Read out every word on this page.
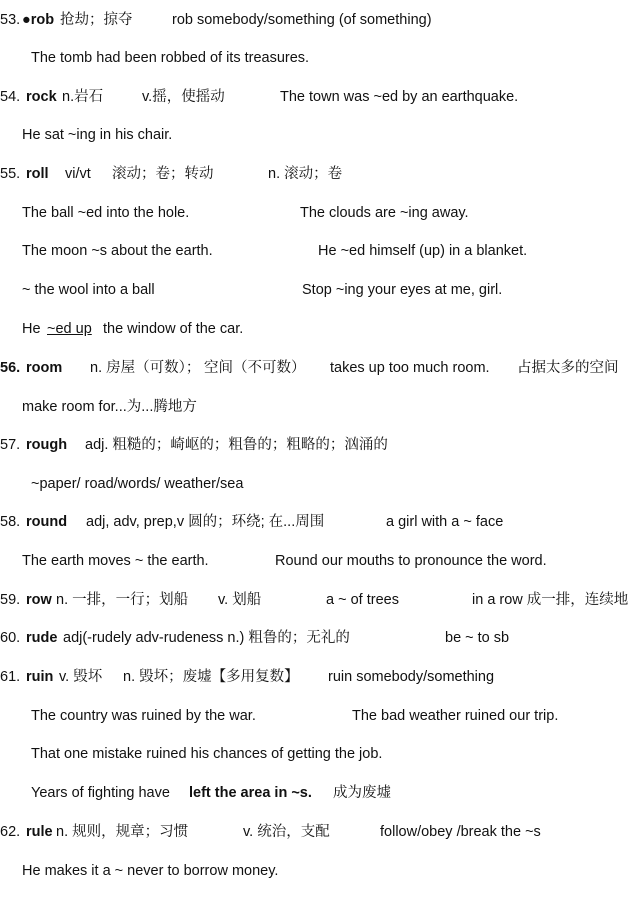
53. ●rob 抢劫；掠夺	rob somebody/something (of something)
The tomb had been robbed of its treasures.
54. rock n.岩石	v.摇，使摇动	The town was ~ed by an earthquake.
He sat ~ing in his chair.
55. roll vi/vt 滚动；卷；转动	n. 滚动；卷
The ball ~ed into the hole.	The clouds are ~ing away.
The moon ~s about the earth.	He ~ed himself (up) in a blanket.
~ the wool into a ball	Stop ~ing your eyes at me, girl.
He ~ed up the window of the car.
56. room n. 房屋（可数）； 空间（不可数） takes up too much room. 占据太多的空间
make room for...为...腾地方
57. rough adj. 粗糙的；崎岖的；粗鲁的；粗略的；汹涌的
~paper/ road/words/ weather/sea
58. round adj, adv, prep,v 圆的；环绕; 在...周围	a girl with a ~ face
The earth moves ~ the earth.	Round our mouths to pronounce the word.
59. row n. 一排，一行；划船 v. 划船	a ~ of trees	in a row 成一排，连续地
60. rude adj(-rudely adv-rudeness n.) 粗鲁的；无礼的	be ~ to sb
61. ruin v. 毁坏 n. 毁坏；废墟【多用复数】 ruin somebody/something
The country was ruined by the war.	The bad weather ruined our trip.
That one mistake ruined his chances of getting the job.
Years of fighting have left the area in ~s. 成为废墟
62. rule n. 规则，规章；习惯	v. 统治，支配	follow/obey /break the ~s
He makes it a ~ never to borrow money.
